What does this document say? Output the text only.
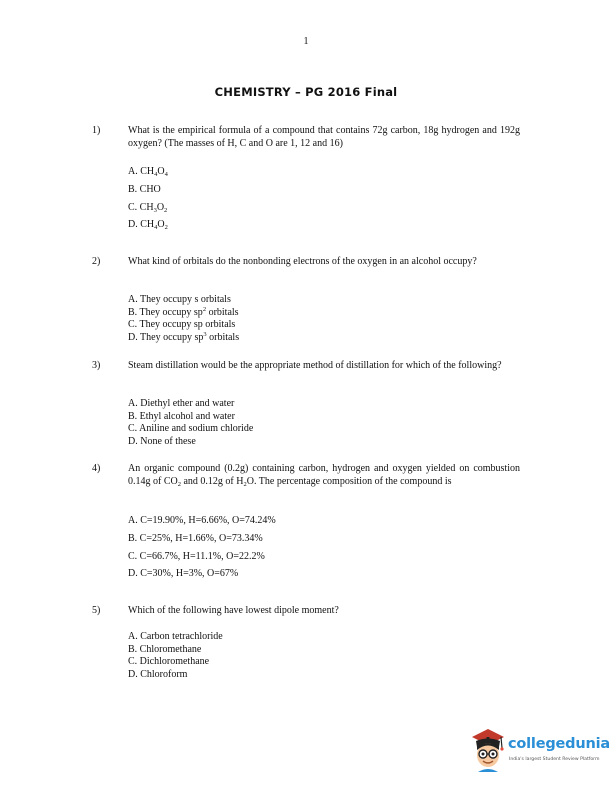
1
CHEMISTRY – PG 2016 Final
1)	What is the empirical formula of a compound that contains 72g carbon, 18g hydrogen and 192g oxygen? (The masses of H, C and O are 1, 12 and 16)
A. $CH_4O_4$
B. CHO
C. $CH_3O_2$
D. $CH_4O_2$
2)	What kind of orbitals do the nonbonding electrons of the oxygen in an alcohol occupy?
A. They occupy s orbitals
B. They occupy $sp^2$ orbitals
C. They occupy sp orbitals
D. They occupy $sp^3$ orbitals
3)	Steam distillation would be the appropriate method of distillation for which of the following?
A. Diethyl ether and water
B. Ethyl alcohol and water
C. Aniline and sodium chloride
D. None of these
4)	An organic compound (0.2g) containing carbon, hydrogen and oxygen yielded on combustion 0.14g of $CO_2$ and 0.12g of $H_2O$. The percentage composition of the compound is
A. C=19.90%, H=6.66%, O=74.24%
B. C=25%, H=1.66%, O=73.34%
C. C=66.7%, H=11.1%, O=22.2%
D. C=30%, H=3%, O=67%
5)	Which of the following have lowest dipole moment?
A. Carbon tetrachloride
B. Chloromethane
C. Dichloromethane
D. Chloroform
collegedunia
India's largest Student Review Platform
